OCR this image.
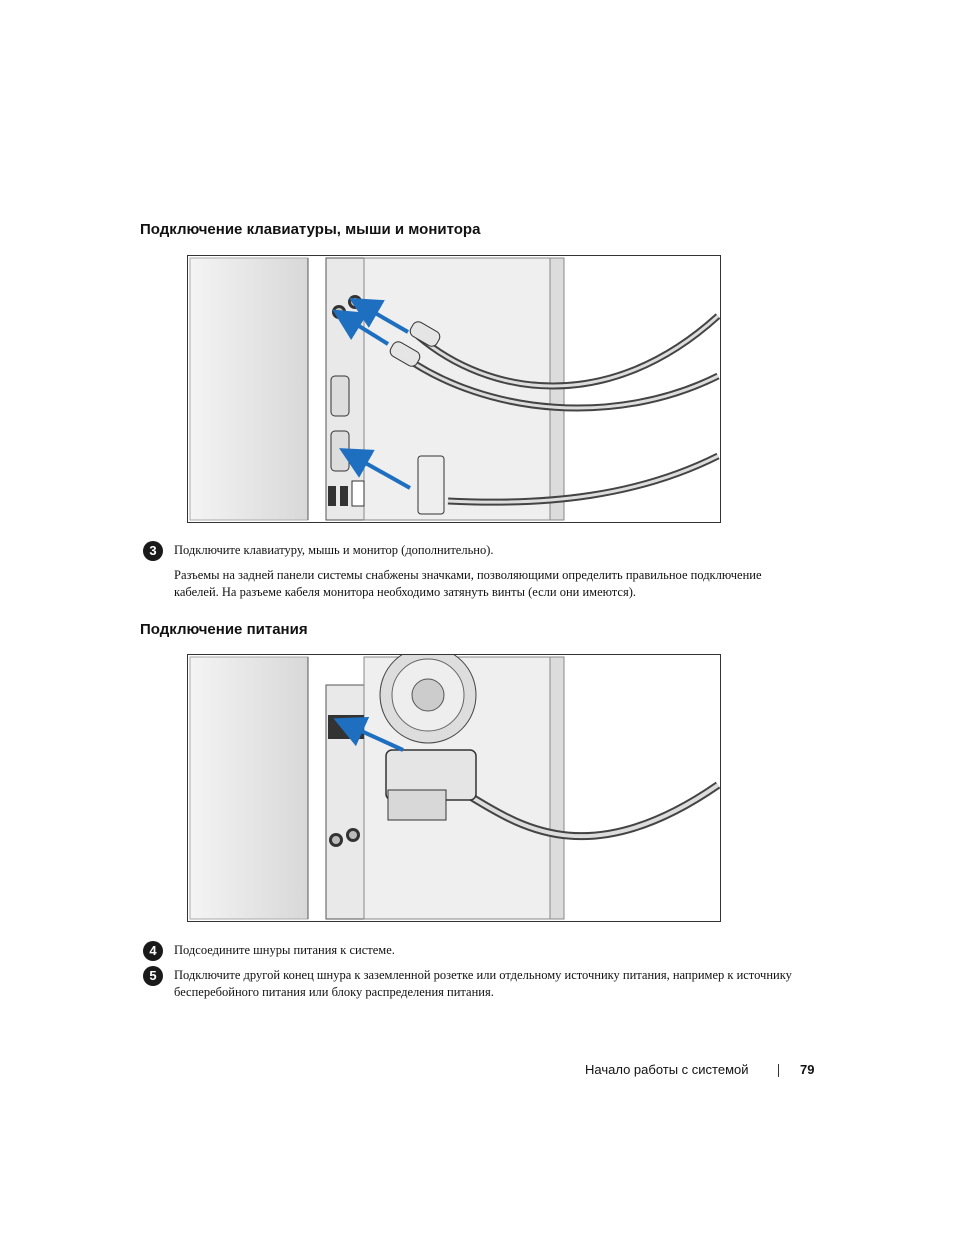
Подключение клавиатуры, мыши и монитора
3	Подключите клавиатуру, мышь и монитор (дополнительно).
Разъемы на задней панели системы снабжены значками, позволяющими определить правильное подключение кабелей. На разъеме кабеля монитора необходимо затянуть винты (если они имеются).
Подключение питания
4	Подсоедините шнуры питания к системе.
5	Подключите другой конец шнура к заземленной розетке или отдельному источнику питания, например к источнику бесперебойного питания или блоку распределения питания.
Начало работы с системой	79
